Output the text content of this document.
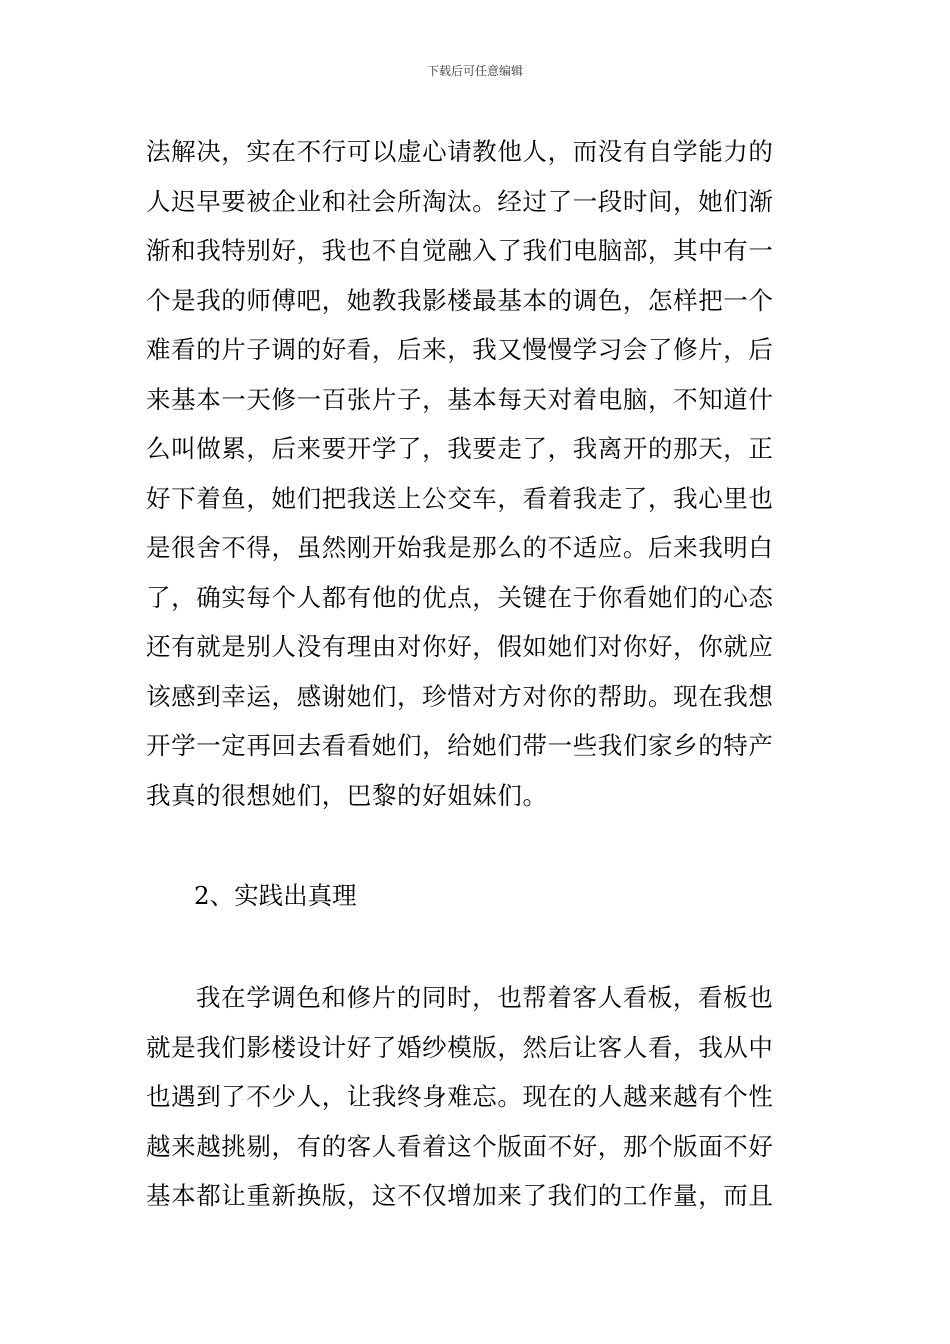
下载后可任意编辑
法解决，实在不行可以虚心请教他人，而没有自学能力的
人迟早要被企业和社会所淘汰。经过了一段时间，她们渐
渐和我特别好，我也不自觉融入了我们电脑部，其中有一
个是我的师傅吧，她教我影楼最基本的调色，怎样把一个
难看的片子调的好看，后来，我又慢慢学习会了修片，后
来基本一天修一百张片子，基本每天对着电脑，不知道什
么叫做累，后来要开学了，我要走了，我离开的那天，正
好下着鱼，她们把我送上公交车，看着我走了，我心里也
是很舍不得，虽然刚开始我是那么的不适应。后来我明白
了，确实每个人都有他的优点，关键在于你看她们的心态
还有就是别人没有理由对你好，假如她们对你好，你就应
该感到幸运，感谢她们，珍惜对方对你的帮助。现在我想
开学一定再回去看看她们，给她们带一些我们家乡的特产
我真的很想她们，巴黎的好姐妹们。
2、实践出真理
我在学调色和修片的同时，也帮着客人看板，看板也
就是我们影楼设计好了婚纱模版，然后让客人看，我从中
也遇到了不少人，让我终身难忘。现在的人越来越有个性
越来越挑剔，有的客人看着这个版面不好，那个版面不好
基本都让重新换版，这不仅增加来了我们的工作量，而且
